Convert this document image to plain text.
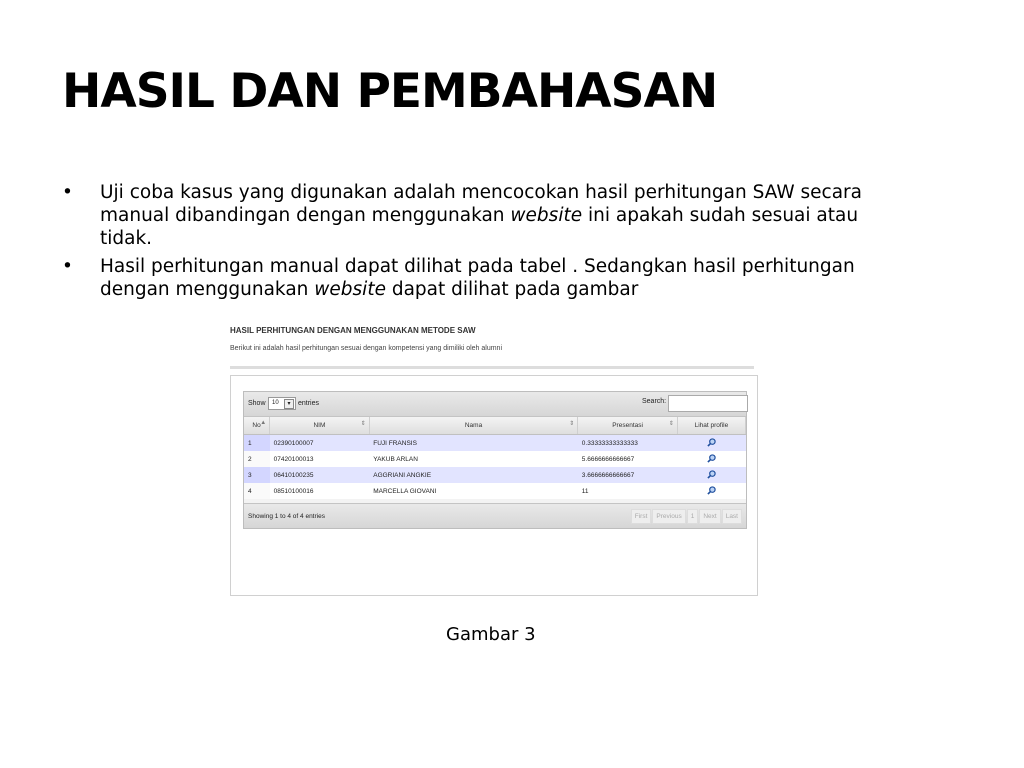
HASIL DAN PEMBAHASAN
• Uji coba kasus yang digunakan adalah mencocokan hasil perhitungan SAW secara manual dibandingan dengan menggunakan website ini apakah sudah sesuai atau tidak.
• Hasil perhitungan manual dapat dilihat pada tabel . Sedangkan hasil perhitungan dengan menggunakan website dapat dilihat pada gambar
HASIL PERHITUNGAN DENGAN MENGGUNAKAN METODE SAW
Berikut ini adalah hasil perhitungan sesuai dengan kompetensi yang dimiliki oleh alumni
Show 10	▾	entries	Search:
No ▲	NIM ⇕	Nama ⇕	Presentasi ⇕	Lihat profile
1	02390100007	FUJI FRANSIS	0.33333333333333	
2	07420100013	YAKUB ARLAN	5.6666666666667	
3	06410100235	AGGRIANI ANGKIE	3.6666666666667	
4	08510100016	MARCELLA GIOVANI	11	
Showing 1 to 4 of 4 entries	First	Previous	1	Next	Last
Gambar 3
